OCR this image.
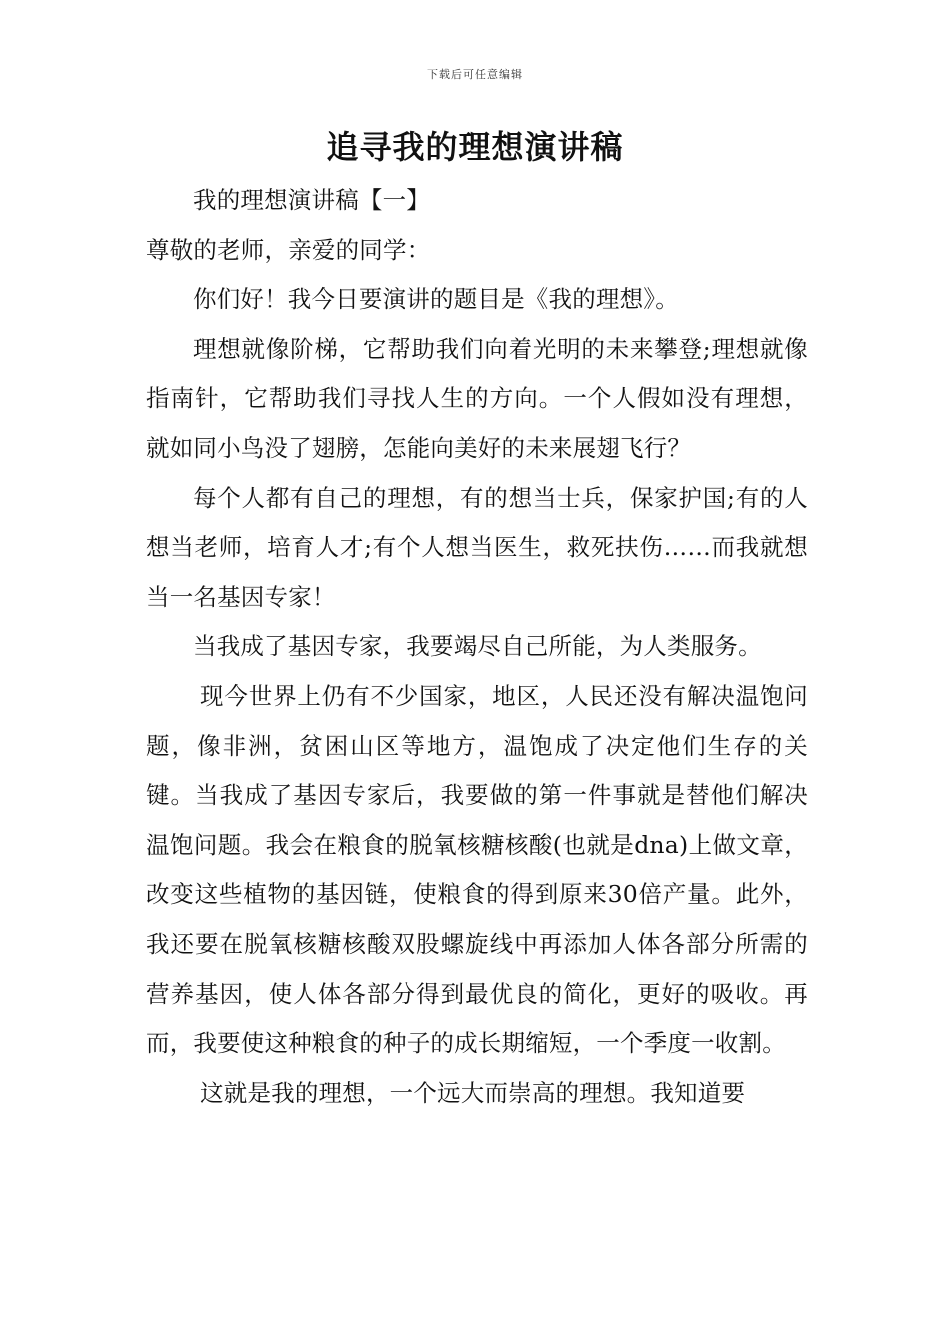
下载后可任意编辑
追寻我的理想演讲稿

我的理想演讲稿【一】

尊敬的老师，亲爱的同学：

你们好！我今日要演讲的题目是《我的理想》。

理想就像阶梯，它帮助我们向着光明的未来攀登;理想就像指南针，它帮助我们寻找人生的方向。一个人假如没有理想，就如同小鸟没了翅膀，怎能向美好的未来展翅飞行？

每个人都有自己的理想，有的想当士兵，保家护国;有的人想当老师，培育人才;有个人想当医生，救死扶伤……而我就想当一名基因专家！

当我成了基因专家，我要竭尽自己所能，为人类服务。

现今世界上仍有不少国家，地区，人民还没有解决温饱问题，像非洲，贫困山区等地方，温饱成了决定他们生存的关键。当我成了基因专家后，我要做的第一件事就是替他们解决温饱问题。我会在粮食的脱氧核糖核酸(也就是dna)上做文章，改变这些植物的基因链，使粮食的得到原来30倍产量。此外，我还要在脱氧核糖核酸双股螺旋线中再添加人体各部分所需的营养基因，使人体各部分得到最优良的简化，更好的吸收。再而，我要使这种粮食的种子的成长期缩短，一个季度一收割。

这就是我的理想，一个远大而崇高的理想。我知道要
